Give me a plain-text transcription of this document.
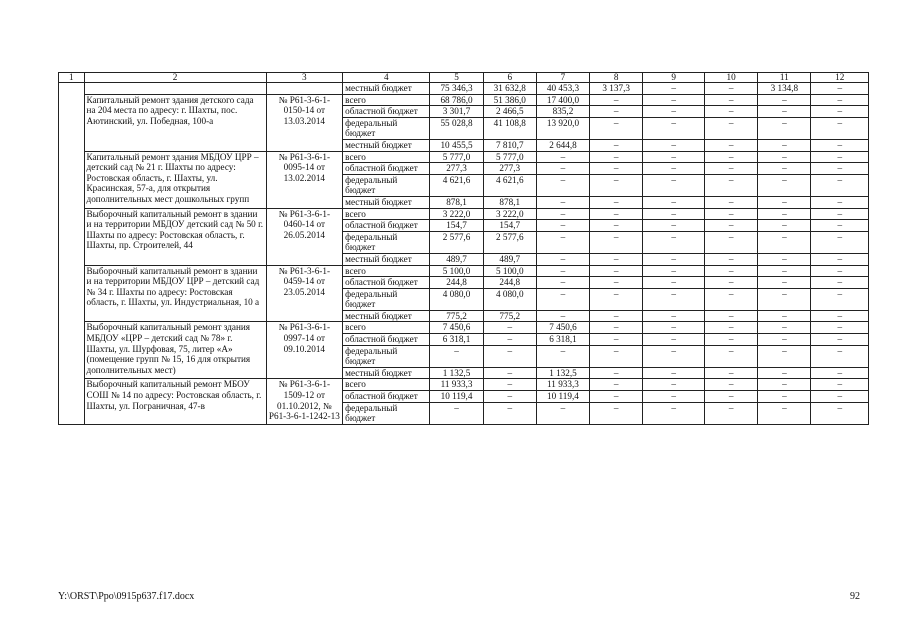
1	2	3	4	5	6	7	8	9	10	11	12
			местный бюджет	75 346,3	31 632,8	40 453,3	3 137,3	–	–	3 134,8	–
	Капитальный ремонт здания детского сада на 204 места по адресу: г. Шахты, пос. Аютинский, ул. Победная, 100-а	№ Р61-3-6-1-0150-14 от 13.03.2014	всего	68 786,0	51 386,0	17 400,0	–	–	–	–	–
			областной бюджет	3 301,7	2 466,5	835,2	–	–	–	–	–
			федеральный бюджет	55 028,8	41 108,8	13 920,0	–	–	–	–	–
			местный бюджет	10 455,5	7 810,7	2 644,8	–	–	–	–	–
	Капитальный ремонт здания МБДОУ ЦРР – детский сад № 21 г. Шахты по адресу: Ростовская область, г. Шахты, ул. Красинская, 57-а, для открытия дополнительных мест дошкольных групп	№ Р61-3-6-1-0095-14 от 13.02.2014	всего	5 777,0	5 777,0	–	–	–	–	–	–
			областной бюджет	277,3	277,3	–	–	–	–	–	–
			федеральный бюджет	4 621,6	4 621,6	–	–	–	–	–	–
			местный бюджет	878,1	878,1	–	–	–	–	–	–
	Выборочный капитальный ремонт в здании и на территории МБДОУ детский сад № 50 г. Шахты по адресу: Ростовская область, г. Шахты, пр. Строителей, 44	№ Р61-3-6-1-0460-14 от 26.05.2014	всего	3 222,0	3 222,0	–	–	–	–	–	–
			областной бюджет	154,7	154,7	–	–	–	–	–	–
			федеральный бюджет	2 577,6	2 577,6	–	–	–	–	–	–
			местный бюджет	489,7	489,7	–	–	–	–	–	–
	Выборочный капитальный ремонт в здании и на территории МБДОУ ЦРР – детский сад № 34 г. Шахты по адресу: Ростовская область, г. Шахты, ул. Индустриальная, 10 а	№ Р61-3-6-1-0459-14 от 23.05.2014	всего	5 100,0	5 100,0	–	–	–	–	–	–
			областной бюджет	244,8	244,8	–	–	–	–	–	–
			федеральный бюджет	4 080,0	4 080,0	–	–	–	–	–	–
			местный бюджет	775,2	775,2	–	–	–	–	–	–
	Выборочный капитальный ремонт здания МБДОУ «ЦРР – детский сад № 78» г. Шахты, ул. Шурфовая, 75, литер «А» (помещение групп № 15, 16 для открытия дополнительных мест)	№ Р61-3-6-1-0997-14 от 09.10.2014	всего	7 450,6	–	7 450,6	–	–	–	–	–
			областной бюджет	6 318,1	–	6 318,1	–	–	–	–	–
			федеральный бюджет	–	–	–	–	–	–	–	–
			местный бюджет	1 132,5	–	1 132,5	–	–	–	–	–
	Выборочный капитальный ремонт МБОУ СОШ № 14 по адресу: Ростовская область, г. Шахты, ул. Пограничная, 47-в	№ Р61-3-6-1-1509-12 от 01.10.2012, № Р61-3-6-1-1242-13	всего	11 933,3	–	11 933,3	–	–	–	–	–
			областной бюджет	10 119,4	–	10 119,4	–	–	–	–	–
			федеральный бюджет	–	–	–	–	–	–	–	–
Y:\ORST\Ppo\0915p637.f17.docx	92
